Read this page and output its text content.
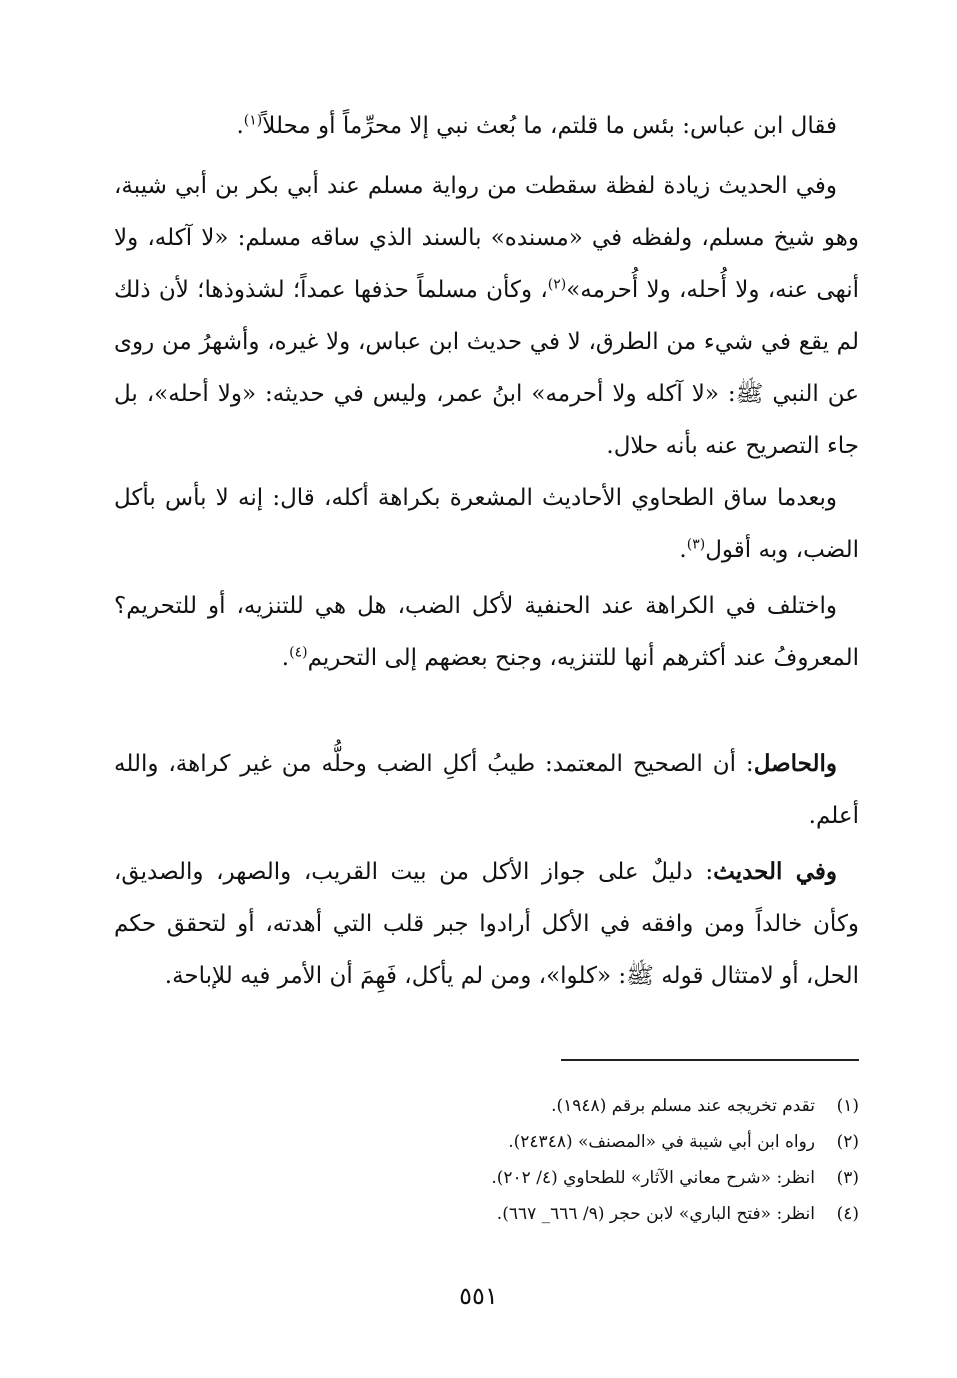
فقال ابن عباس: بئس ما قلتم، ما بُعث نبي إلا محرِّماً أو محللاً$^{(١)}$.

وفي الحديث زيادة لفظة سقطت من رواية مسلم عند أبي بكر بن أبي شيبة، وهو شيخ مسلم، ولفظه في «مسنده» بالسند الذي ساقه مسلم: «لا آكله، ولا أنهى عنه، ولا أُحله، ولا أُحرمه»$^{(٢)}$، وكأن مسلماً حذفها عمداً؛ لشذوذها؛ لأن ذلك لم يقع في شيء من الطرق، لا في حديث ابن عباس، ولا غيره، وأشهرُ من روى عن النبي ﷺ: «لا آكله ولا أحرمه» ابنُ عمر، وليس في حديثه: «ولا أحله»، بل جاء التصريح عنه بأنه حلال.

وبعدما ساق الطحاوي الأحاديث المشعرة بكراهة أكله، قال: إنه لا بأس بأكل الضب، وبه أقول$^{(٣)}$.

واختلف في الكراهة عند الحنفية لأكل الضب، هل هي للتنزيه، أو للتحريم؟ المعروفُ عند أكثرهم أنها للتنزيه، وجنح بعضهم إلى التحريم$^{(٤)}$.

والحاصل: أن الصحيح المعتمد: طيبُ أكلِ الضب وحلُّه من غير كراهة، والله أعلم.

وفي الحديث: دليلٌ على جواز الأكل من بيت القريب، والصهر، والصديق، وكأن خالداً ومن وافقه في الأكل أرادوا جبر قلب التي أهدته، أو لتحقق حكم الحل، أو لامتثال قوله ﷺ: «كلوا»، ومن لم يأكل، فَهِمَ أن الأمر فيه للإباحة.

(١)تقدم تخريجه عند مسلم برقم (١٩٤٨).
(٢)رواه ابن أبي شيبة في «المصنف» (٢٤٣٤٨).
(٣)انظر: «شرح معاني الآثار» للطحاوي (٤/ ٢٠٢).
(٤)انظر: «فتح الباري» لابن حجر (٩/ ٦٦٦_ ٦٦٧).
٥٥١
